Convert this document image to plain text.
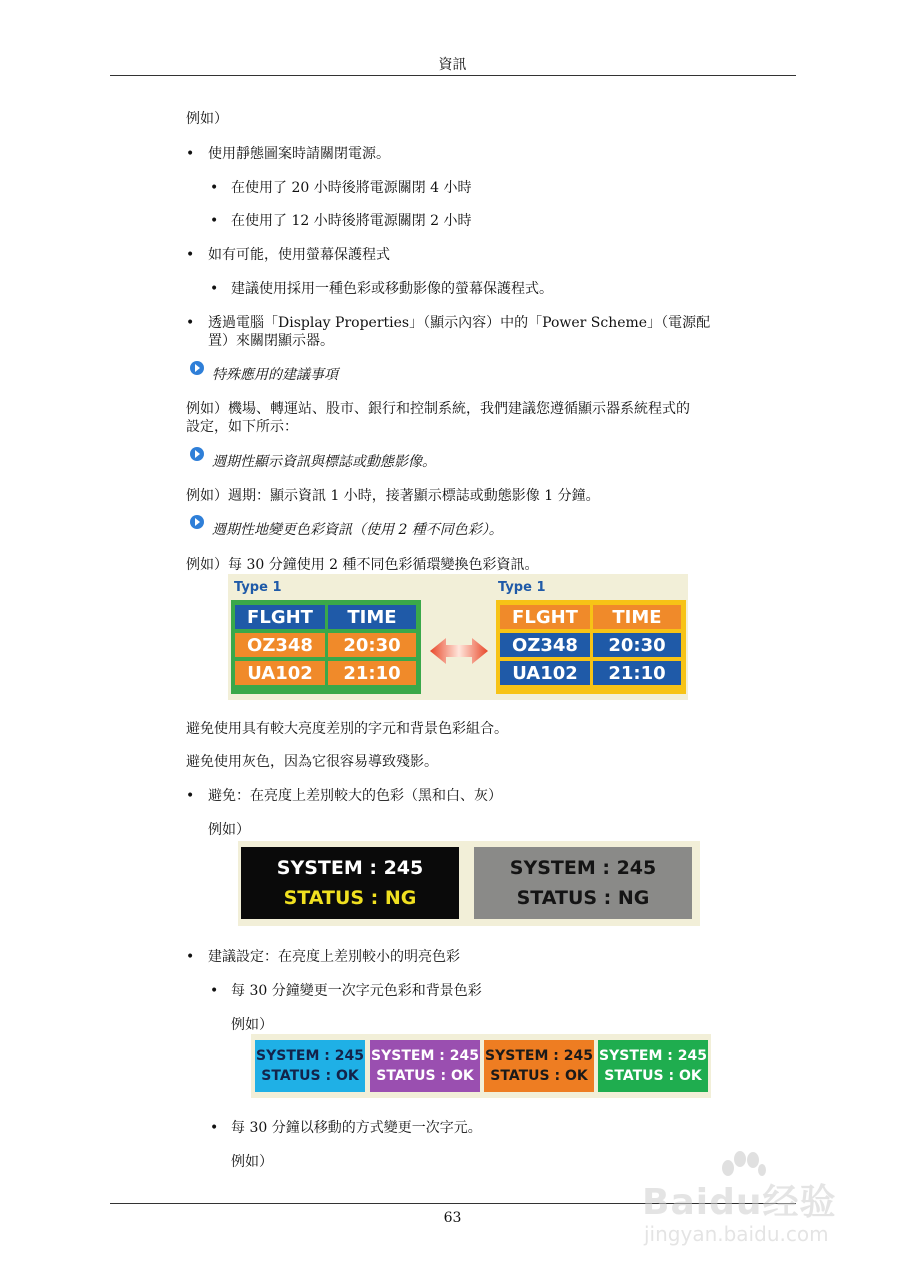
資訊
例如）
• 使用靜態圖案時請關閉電源。
• 在使用了 20 小時後將電源關閉 4 小時
• 在使用了 12 小時後將電源關閉 2 小時
• 如有可能，使用螢幕保護程式
• 建議使用採用一種色彩或移動影像的螢幕保護程式。
• 透過電腦「Display Properties」（顯示內容）中的「Power Scheme」（電源配
置）來關閉顯示器。
特殊應用的建議事項
例如）機場、轉運站、股市、銀行和控制系統，我們建議您遵循顯示器系統程式的
設定，如下所示：
週期性顯示資訊與標誌或動態影像。
例如）週期：顯示資訊 1 小時，接著顯示標誌或動態影像 1 分鐘。
週期性地變更色彩資訊（使用 2 種不同色彩）。
例如）每 30 分鐘使用 2 種不同色彩循環變換色彩資訊。
Type 1	Type 1
FLGHT	TIME
OZ348	20:30
UA102	21:10
FLGHT	TIME
OZ348	20:30
UA102	21:10
避免使用具有較大亮度差別的字元和背景色彩組合。
避免使用灰色，因為它很容易導致殘影。
• 避免：在亮度上差別較大的色彩（黑和白、灰）
例如）
SYSTEM : 245
STATUS : NG
SYSTEM : 245
STATUS : NG
• 建議設定：在亮度上差別較小的明亮色彩
• 每 30 分鐘變更一次字元色彩和背景色彩
例如）
SYSTEM : 245
STATUS : OK
SYSTEM : 245
STATUS : OK
SYSTEM : 245
STATUS : OK
SYSTEM : 245
STATUS : OK
• 每 30 分鐘以移動的方式變更一次字元。
例如）
63	Baidu经验
jingyan.baidu.com
